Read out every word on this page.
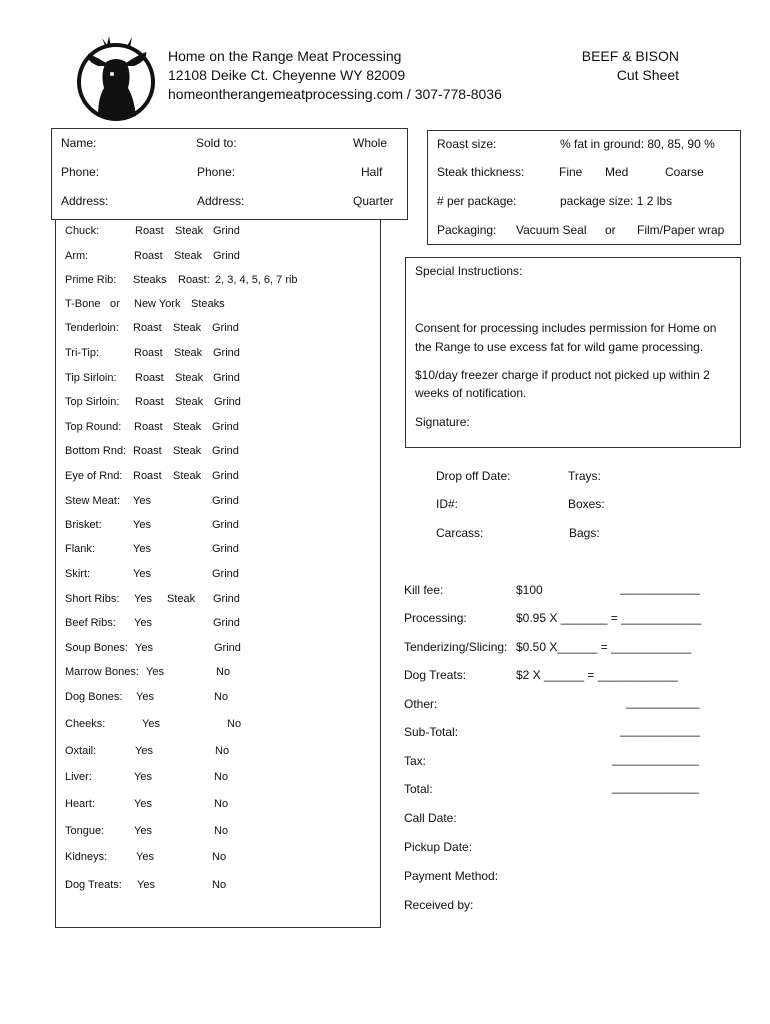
Home on the Range Meat Processing
12108 Deike Ct. Cheyenne WY 82009
homeontherangemeatprocessing.com / 307-778-8036
BEEF & BISON
Cut Sheet
Name:	Sold to:	Whole
Phone:	Phone:	Half
Address:	Address:	Quarter
Chuck:	Roast Steak Grind
Arm:	Roast Steak Grind
Prime Rib: Steaks Roast: 2, 3, 4, 5, 6, 7 rib
T-Bone or New York Steaks
Tenderloin: Roast Steak Grind
Tri-Tip:	Roast Steak Grind
Tip Sirloin: Roast Steak Grind
Top Sirloin: Roast Steak Grind
Top Round: Roast Steak Grind
Bottom Rnd: Roast Steak Grind
Eye of Rnd: Roast Steak Grind
Stew Meat: Yes	Grind
Brisket:	Yes	Grind
Flank:	Yes	Grind
Skirt:	Yes	Grind
Short Ribs: Yes Steak Grind
Beef Ribs: Yes	Grind
Soup Bones: Yes	Grind
Marrow Bones: Yes	No
Dog Bones: Yes	No
Cheeks:	Yes	No
Oxtail:	Yes	No
Liver:	Yes	No
Heart:	Yes	No
Tongue:	Yes	No
Kidneys:	Yes	No
Dog Treats: Yes	No
Roast size:	% fat in ground: 80, 85, 90 %
Steak thickness:	Fine Med	Coarse
# per package:	package size: 1 2 lbs
Packaging: Vacuum Seal or Film/Paper wrap
Special Instructions:
Consent for processing includes permission for Home on
the Range to use excess fat for wild game processing.
$10/day freezer charge if product not picked up within 2
weeks of notification.
Signature:
Drop off Date:	Trays:
ID#:	Boxes:
Carcass:	Bags:
Kill fee:	$100	____________
Processing:	$0.95 X _______ = ____________
Tenderizing/Slicing: $0.50 X______ = ____________
Dog Treats:	$2 X ______ = ____________
Other:	___________
Sub-Total:	____________
Tax:	_____________
Total:	_____________
Call Date:
Pickup Date:
Payment Method:
Received by:
